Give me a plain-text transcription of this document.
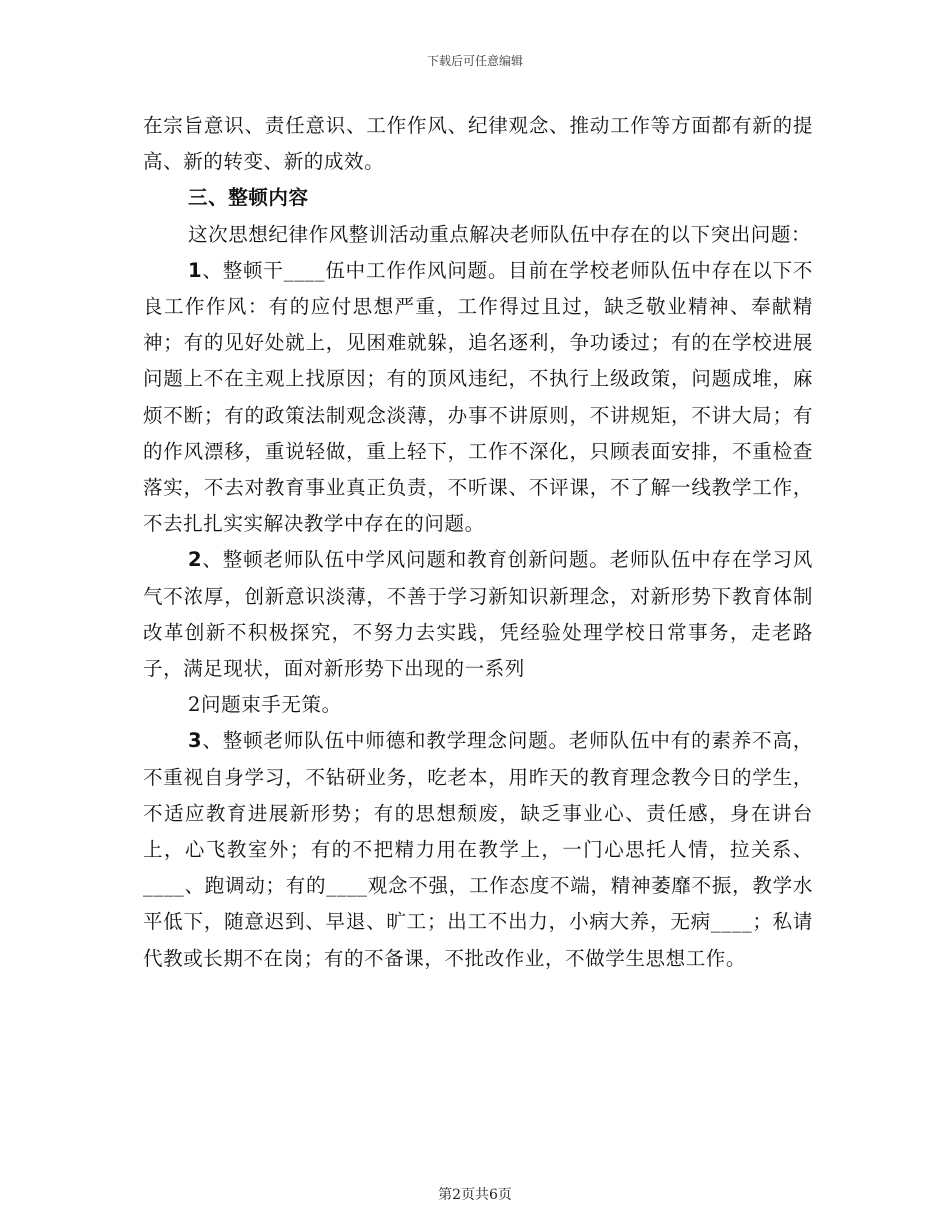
下载后可任意编辑

在宗旨意识、责任意识、工作作风、纪律观念、推动工作等方面都有新的提高、新的转变、新的成效。

三、整顿内容

这次思想纪律作风整训活动重点解决老师队伍中存在的以下突出问题：

1、整顿干____伍中工作作风问题。目前在学校老师队伍中存在以下不良工作作风：有的应付思想严重，工作得过且过，缺乏敬业精神、奉献精神；有的见好处就上，见困难就躲，追名逐利，争功诿过；有的在学校进展问题上不在主观上找原因；有的顶风违纪，不执行上级政策，问题成堆，麻烦不断；有的政策法制观念淡薄，办事不讲原则，不讲规矩，不讲大局；有的作风漂移，重说轻做，重上轻下，工作不深化，只顾表面安排，不重检查落实，不去对教育事业真正负责，不听课、不评课，不了解一线教学工作，不去扎扎实实解决教学中存在的问题。

2、整顿老师队伍中学风问题和教育创新问题。老师队伍中存在学习风气不浓厚，创新意识淡薄，不善于学习新知识新理念，对新形势下教育体制改革创新不积极探究，不努力去实践，凭经验处理学校日常事务，走老路子，满足现状，面对新形势下出现的一系列

2问题束手无策。

3、整顿老师队伍中师德和教学理念问题。老师队伍中有的素养不高，不重视自身学习，不钻研业务，吃老本，用昨天的教育理念教今日的学生，不适应教育进展新形势；有的思想颓废，缺乏事业心、责任感，身在讲台上，心飞教室外；有的不把精力用在教学上，一门心思托人情，拉关系、____、跑调动；有的____观念不强，工作态度不端，精神萎靡不振，教学水平低下，随意迟到、早退、旷工；出工不出力，小病大养，无病____；私请代教或长期不在岗；有的不备课，不批改作业，不做学生思想工作。

第2页共6页
